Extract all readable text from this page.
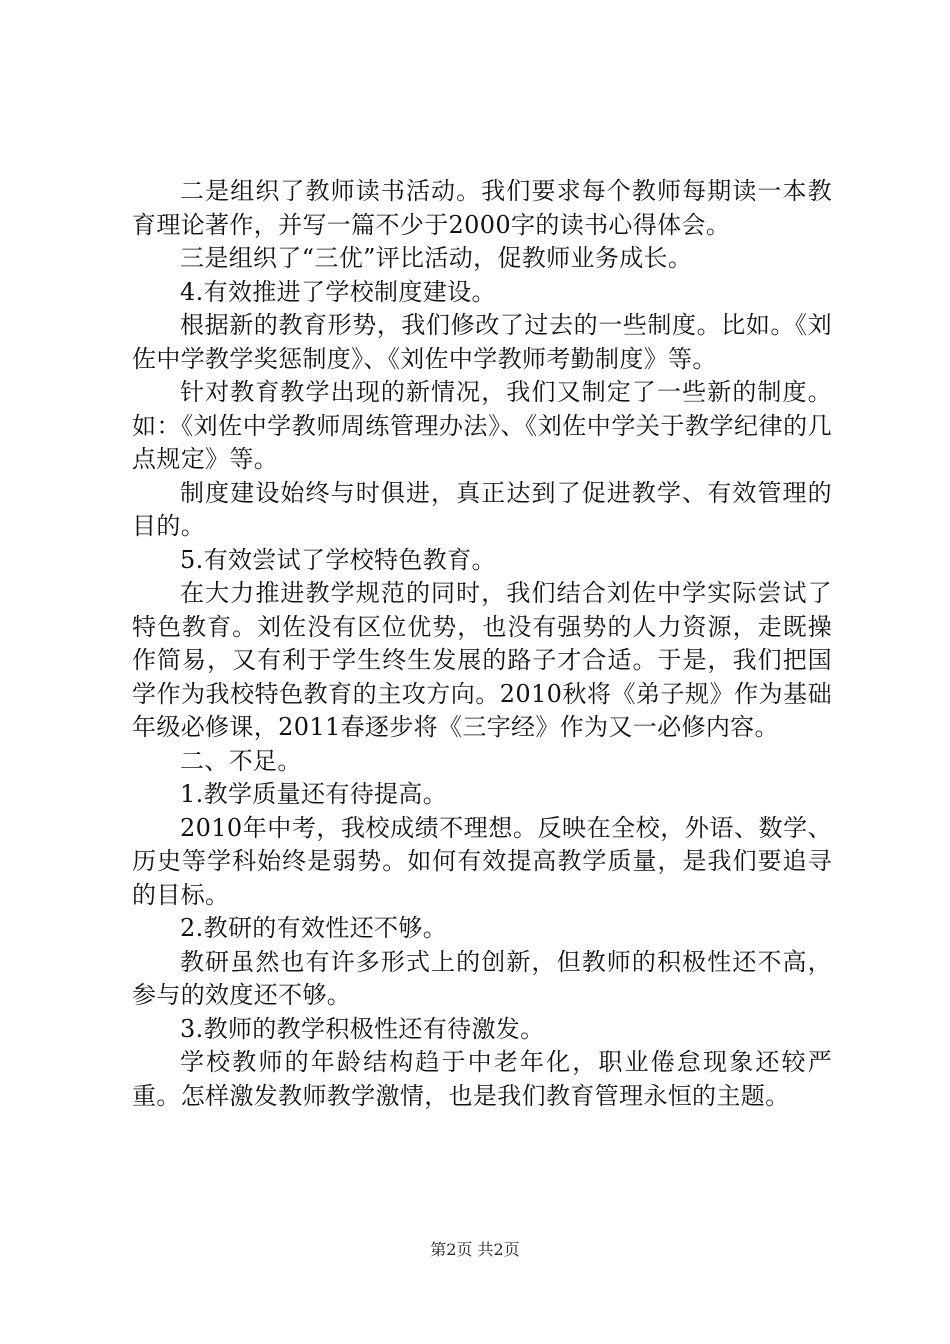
二是组织了教师读书活动。我们要求每个教师每期读一本教育理论著作，并写一篇不少于2000字的读书心得体会。

三是组织了“三优”评比活动，促教师业务成长。

4.有效推进了学校制度建设。

根据新的教育形势，我们修改了过去的一些制度。比如。《刘佐中学教学奖惩制度》、《刘佐中学教师考勤制度》等。

针对教育教学出现的新情况，我们又制定了一些新的制度。如：《刘佐中学教师周练管理办法》、《刘佐中学关于教学纪律的几点规定》等。

制度建设始终与时俱进，真正达到了促进教学、有效管理的目的。

5.有效尝试了学校特色教育。

在大力推进教学规范的同时，我们结合刘佐中学实际尝试了特色教育。刘佐没有区位优势，也没有强势的人力资源，走既操作简易，又有利于学生终生发展的路子才合适。于是，我们把国学作为我校特色教育的主攻方向。2010秋将《弟子规》作为基础年级必修课，2011春逐步将《三字经》作为又一必修内容。

二、不足。

1.教学质量还有待提高。

2010年中考，我校成绩不理想。反映在全校，外语、数学、历史等学科始终是弱势。如何有效提高教学质量，是我们要追寻的目标。

2.教研的有效性还不够。

教研虽然也有许多形式上的创新，但教师的积极性还不高，参与的效度还不够。

3.教师的教学积极性还有待激发。

学校教师的年龄结构趋于中老年化，职业倦怠现象还较严重。怎样激发教师教学激情，也是我们教育管理永恒的主题。

第2页 共2页
